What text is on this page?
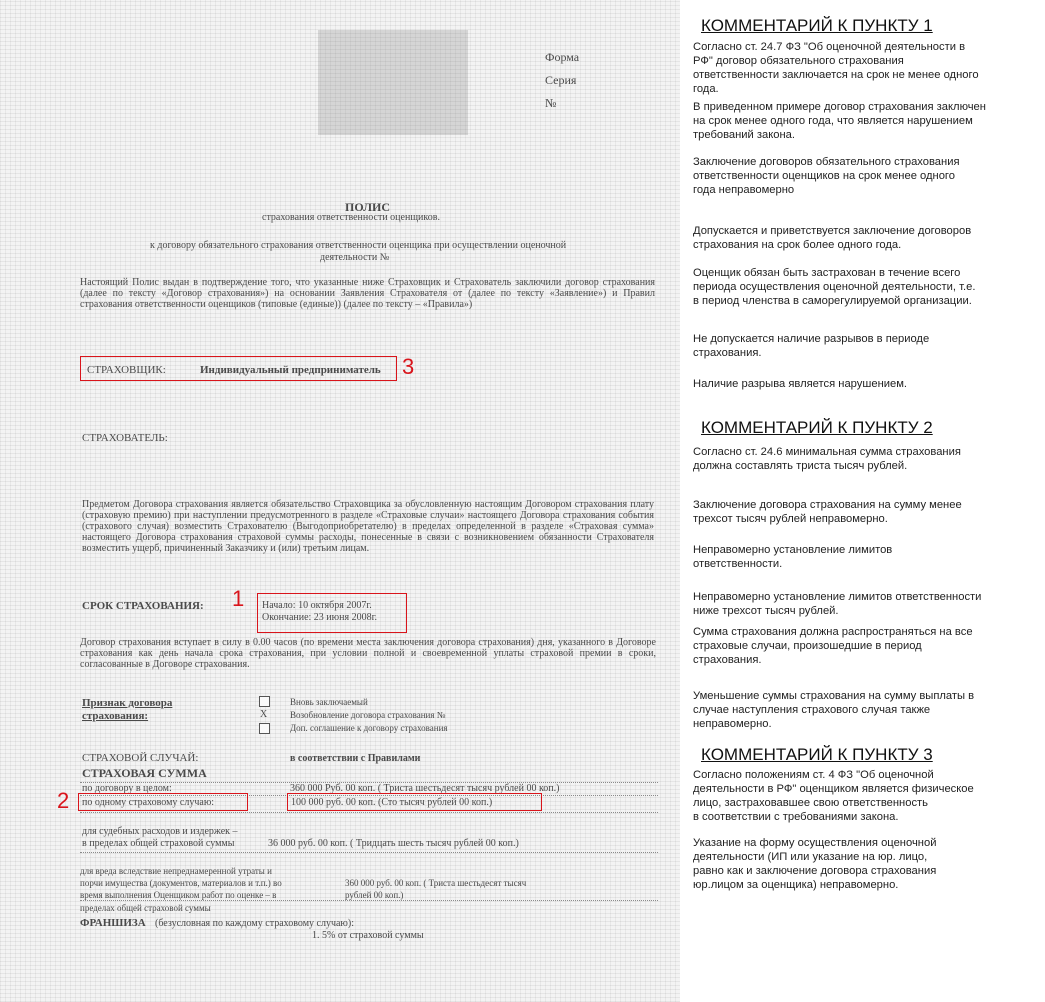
Форма
Серия
№
ПОЛИС
страхования ответственности оценщиков.
к договору обязательного страхования ответственности оценщика при осуществлении оценочной
деятельности №
Настоящий Полис выдан в подтверждение того, что указанные ниже Страховщик и Страхователь заключили договор страхования (далее по тексту «Договор страхования») на основании Заявления Страхователя от (далее по тексту «Заявление») и Правил страхования ответственности оценщиков (типовые (единые)) (далее по тексту – «Правила»)
СТРАХОВЩИК:	Индивидуальный предприниматель 3
СТРАХОВАТЕЛЬ:
Предметом Договора страхования является обязательство Страховщика за обусловленную настоящим Договором страхования плату (страховую премию) при наступлении предусмотренного в разделе «Страховые случаи» настоящего Договора страхования события (страхового случая) возместить Страхователю (Выгодоприобретателю) в пределах определенной в разделе «Страховая сумма» настоящего Договора страхования страховой суммы расходы, понесенные в связи с возникновением обязанности Страхователя возместить ущерб, причиненный Заказчику и (или) третьим лицам.
СРОК СТРАХОВАНИЯ:	Начало: 10 октября 2007г.
Окончание: 23 июня 2008г.
1
Договор страхования вступает в силу в 0.00 часов (по времени места заключения договора страхования) дня, указанного в Договоре страхования как день начала срока страхования, при условии полной и своевременной уплаты страховой премии в сроки, согласованные в Договоре страхования.
Признак договора
страхования:	X
Вновь заключаемый
Возобновление договора страхования №
Доп. соглашение к договору страхования
СТРАХОВОЙ СЛУЧАЙ:	в соответствии с Правилами
СТРАХОВАЯ СУММА
по договору в целом:	360 000 Руб. 00 коп. ( Триста шестьдесят тысяч рублей 00 коп.)
по одному страховому случаю:	100 000 руб. 00 коп. (Сто тысяч рублей 00 коп.)
2
для судебных расходов и издержек –
в пределах общей страховой суммы	36 000 руб. 00 коп. ( Тридцать шесть тысяч рублей 00 коп.)
для вреда вследствие непреднамеренной утраты и
порчи имущества (документов, материалов и т.п.) во
время выполнения Оценщиком работ по оценке – в
пределах общей страховой суммы
360 000 руб. 00 коп. ( Триста шестьдесят тысяч
рублей 00 коп.)
ФРАНШИЗА (безусловная по каждому страховому случаю):
1. 5% от страховой суммы
КОММЕНТАРИЙ К ПУНКТУ 1
Согласно ст. 24.7 ФЗ "Об оценочной деятельности в
РФ" договор обязательного страхования
ответственности заключается на срок не менее одного
года.
В приведенном примере договор страхования заключен
на срок менее одного года, что является нарушением
требований закона.
Заключение договоров обязательного страхования
ответственности оценщиков на срок менее одного
года неправомерно
Допускается и приветствуется заключение договоров
страхования на срок более одного года.
Оценщик обязан быть застрахован в течение всего
периода осуществления оценочной деятельности, т.е.
в период членства в саморегулируемой организации.
Не допускается наличие разрывов в периоде
страхования.
Наличие разрыва является нарушением.
КОММЕНТАРИЙ К ПУНКТУ 2
Согласно ст. 24.6 минимальная сумма страхования
должна составлять триста тысяч рублей.
Заключение договора страхования на сумму менее
трехсот тысяч рублей неправомерно.
Неправомерно установление лимитов
ответственности.
Неправомерно установление лимитов ответственности
ниже трехсот тысяч рублей.
Сумма страхования должна распространяться на все
страховые случаи, произошедшие в период
страхования.
Уменьшение суммы страхования на сумму выплаты в
случае наступления страхового случая также
неправомерно.
КОММЕНТАРИЙ К ПУНКТУ 3
Согласно положениям ст. 4 ФЗ "Об оценочной
деятельности в РФ" оценщиком является физическое
лицо, застраховавшее свою ответственность
в соответствии с требованиями закона.
Указание на форму осуществления оценочной
деятельности (ИП или указание на юр. лицо,
равно как и заключение договора страхования
юр.лицом за оценщика) неправомерно.
